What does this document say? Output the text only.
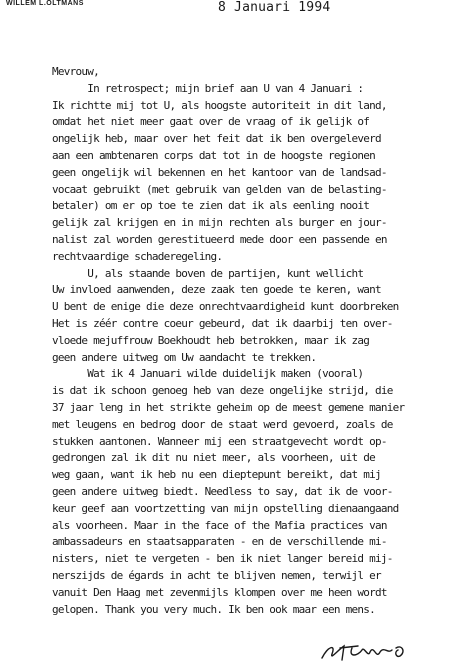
WILLEM L.OLTMANS	8 Januari 1994
Mevrouw,
In retrospect; mijn brief aan U van 4 Januari :
Ik richtte mij tot U, als hoogste autoriteit in dit land,
omdat het niet meer gaat over de vraag of ik gelijk of
ongelijk heb, maar over het feit dat ik ben overgeleverd
aan een ambtenaren corps dat tot in de hoogste regionen
geen ongelijk wil bekennen en het kantoor van de landsad-
vocaat gebruikt (met gebruik van gelden van de belasting-
betaler) om er op toe te zien dat ik als eenling nooit
gelijk zal krijgen en in mijn rechten als burger en jour-
nalist zal worden gerestitueerd mede door een passende en
rechtvaardige schaderegeling.
U, als staande boven de partijen, kunt wellicht
Uw invloed aanwenden, deze zaak ten goede te keren, want
U bent de enige die deze onrechtvaardigheid kunt doorbreken
Het is zéér contre coeur gebeurd, dat ik daarbij ten over-
vloede mejuffrouw Boekhoudt heb betrokken, maar ik zag
geen andere uitweg om Uw aandacht te trekken.
Wat ik 4 Januari wilde duidelijk maken (vooral)
is dat ik schoon genoeg heb van deze ongelijke strijd, die
37 jaar leng in het strikte geheim op de meest gemene manier
met leugens en bedrog door de staat werd gevoerd, zoals de
stukken aantonen. Wanneer mij een straatgevecht wordt op-
gedrongen zal ik dit nu niet meer, als voorheen, uit de
weg gaan, want ik heb nu een dieptepunt bereikt, dat mij
geen andere uitweg biedt. Needless to say, dat ik de voor-
keur geef aan voortzetting van mijn opstelling dienaangaand
als voorheen. Maar in the face of the Mafia practices van
ambassadeurs en staatsapparaten - en de verschillende mi-
nisters, niet te vergeten - ben ik niet langer bereid mij-
nerszijds de égards in acht te blijven nemen, terwijl er
vanuit Den Haag met zevenmijls klompen over me heen wordt
gelopen. Thank you very much. Ik ben ook maar een mens.
